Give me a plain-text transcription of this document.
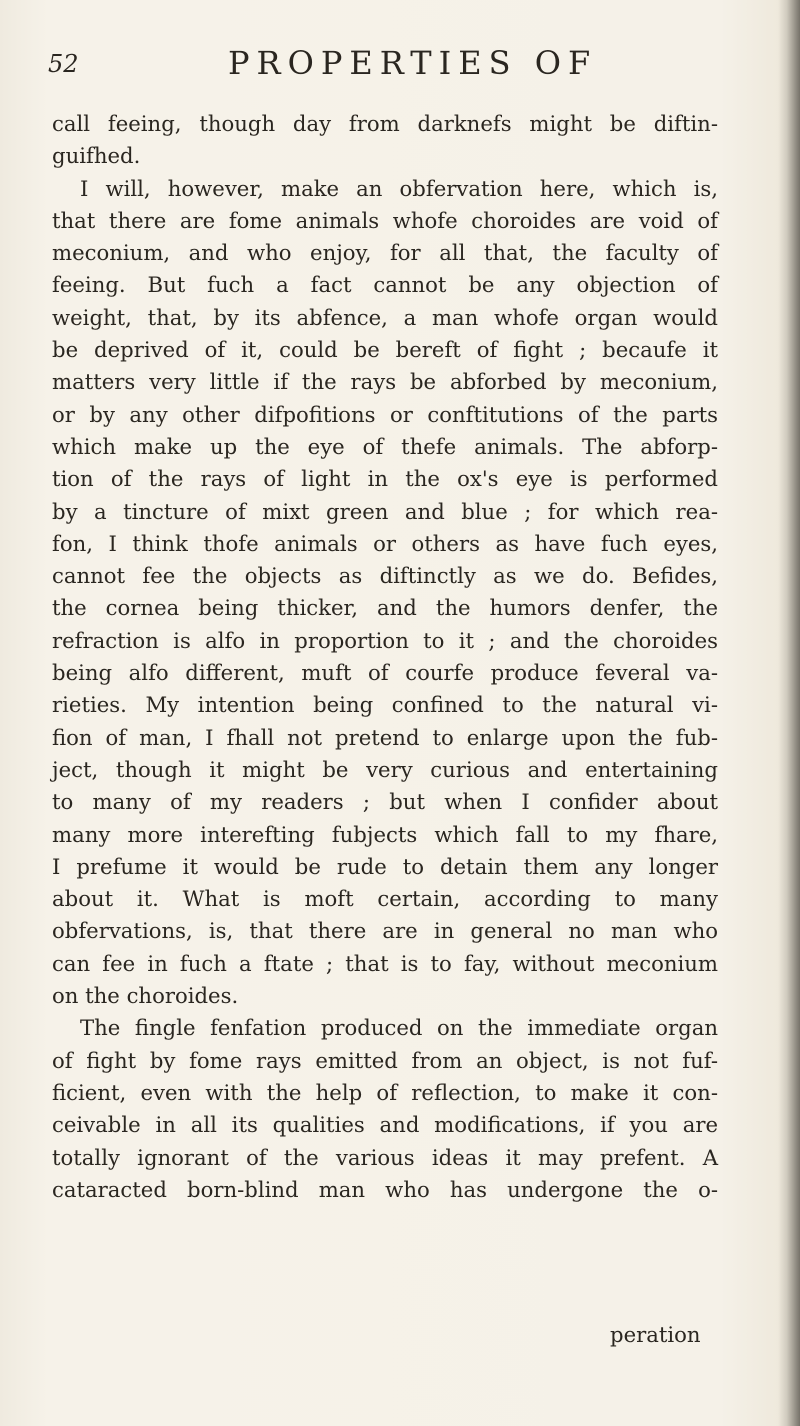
52	PROPERTIES OF
call feeing, though day from darknefs might be diftin-
guifhed.
I will, however, make an obfervation here, which is,
that there are fome animals whofe choroides are void of
meconium, and who enjoy, for all that, the faculty of
feeing. But fuch a fact cannot be any objection of
weight, that, by its abfence, a man whofe organ would
be deprived of it, could be bereft of fight ; becaufe it
matters very little if the rays be abforbed by meconium,
or by any other difpofitions or conftitutions of the parts
which make up the eye of thefe animals. The abforp-
tion of the rays of light in the ox's eye is performed
by a tincture of mixt green and blue ; for which rea-
fon, I think thofe animals or others as have fuch eyes,
cannot fee the objects as diftinctly as we do. Befides,
the cornea being thicker, and the humors denfer, the
refraction is alfo in proportion to it ; and the choroides
being alfo different, muft of courfe produce feveral va-
rieties. My intention being confined to the natural vi-
fion of man, I fhall not pretend to enlarge upon the fub-
ject, though it might be very curious and entertaining
to many of my readers ; but when I confider about
many more interefting fubjects which fall to my fhare,
I prefume it would be rude to detain them any longer
about it. What is moft certain, according to many
obfervations, is, that there are in general no man who
can fee in fuch a ftate ; that is to fay, without meconium
on the choroides.
The fingle fenfation produced on the immediate organ
of fight by fome rays emitted from an object, is not fuf-
ficient, even with the help of reflection, to make it con-
ceivable in all its qualities and modifications, if you are
totally ignorant of the various ideas it may prefent. A
cataracted born-blind man who has undergone the o-
peration
